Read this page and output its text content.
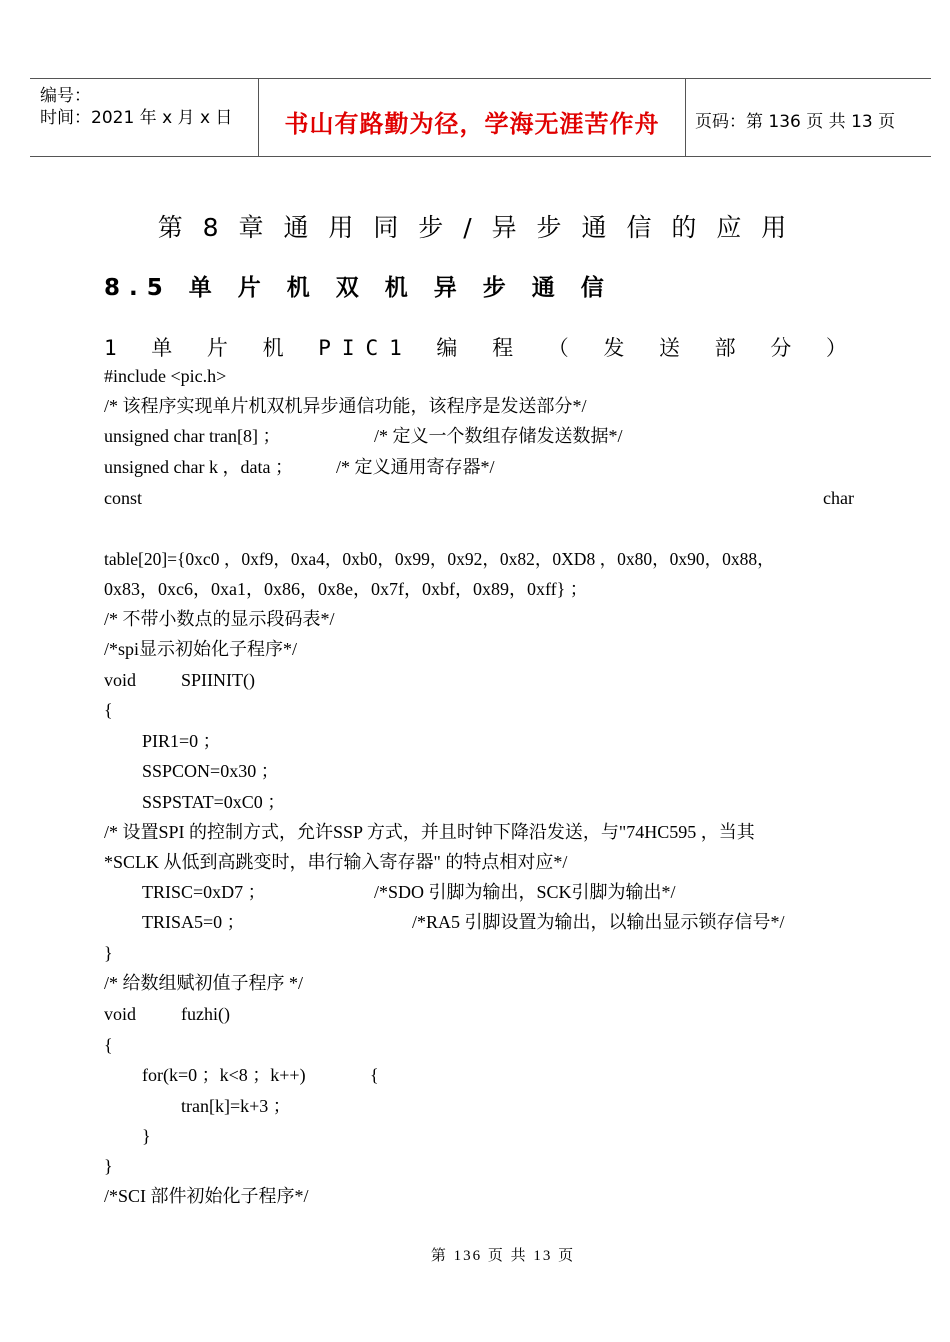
编号：
时间：2021 年 x 月 x 日	书山有路勤为径，学海无涯苦作舟	页码：第 136 页 共 13 页
第 8 章 通 用 同 步 / 异 步 通 信 的 应 用
8.5 单 片 机 双 机 异 步 通 信
1 单 片 机 PIC1 编 程 （ 发 送 部 分 ）
#include <pic.h>
/* 该程序实现单片机双机异步通信功能，该程序是发送部分*/
unsigned char tran[8] ；	/* 定义一个数组存储发送数据*/
unsigned char k ，data ； /* 定义通用寄存器*/
const	char
table[20]={0xc0 ，0xf9，0xa4，0xb0，0x99，0x92，0x82，0XD8 ，0x80，0x90，0x88，
0x83，0xc6，0xa1，0x86，0x8e，0x7f，0xbf，0x89，0xff} ；
/* 不带小数点的显示段码表*/
/*spi显示初始化子程序*/
void SPIINIT()
{
PIR1=0 ；
SSPCON=0x30 ；
SSPSTAT=0xC0 ；
/* 设置SPI 的控制方式，允许SSP 方式，并且时钟下降沿发送，与"74HC595 ，当其
*SCLK 从低到高跳变时，串行输入寄存器" 的特点相对应*/
TRISC=0xD7 ；	/*SDO 引脚为输出，SCK引脚为输出*/
TRISA5=0 ；	/*RA5 引脚设置为输出，以输出显示锁存信号*/
}
/* 给数组赋初值子程序 */
void fuzhi()
{
for(k=0 ；k<8 ；k++)	{
tran[k]=k+3 ；
}
}
/*SCI 部件初始化子程序*/
第 136 页 共 13 页
